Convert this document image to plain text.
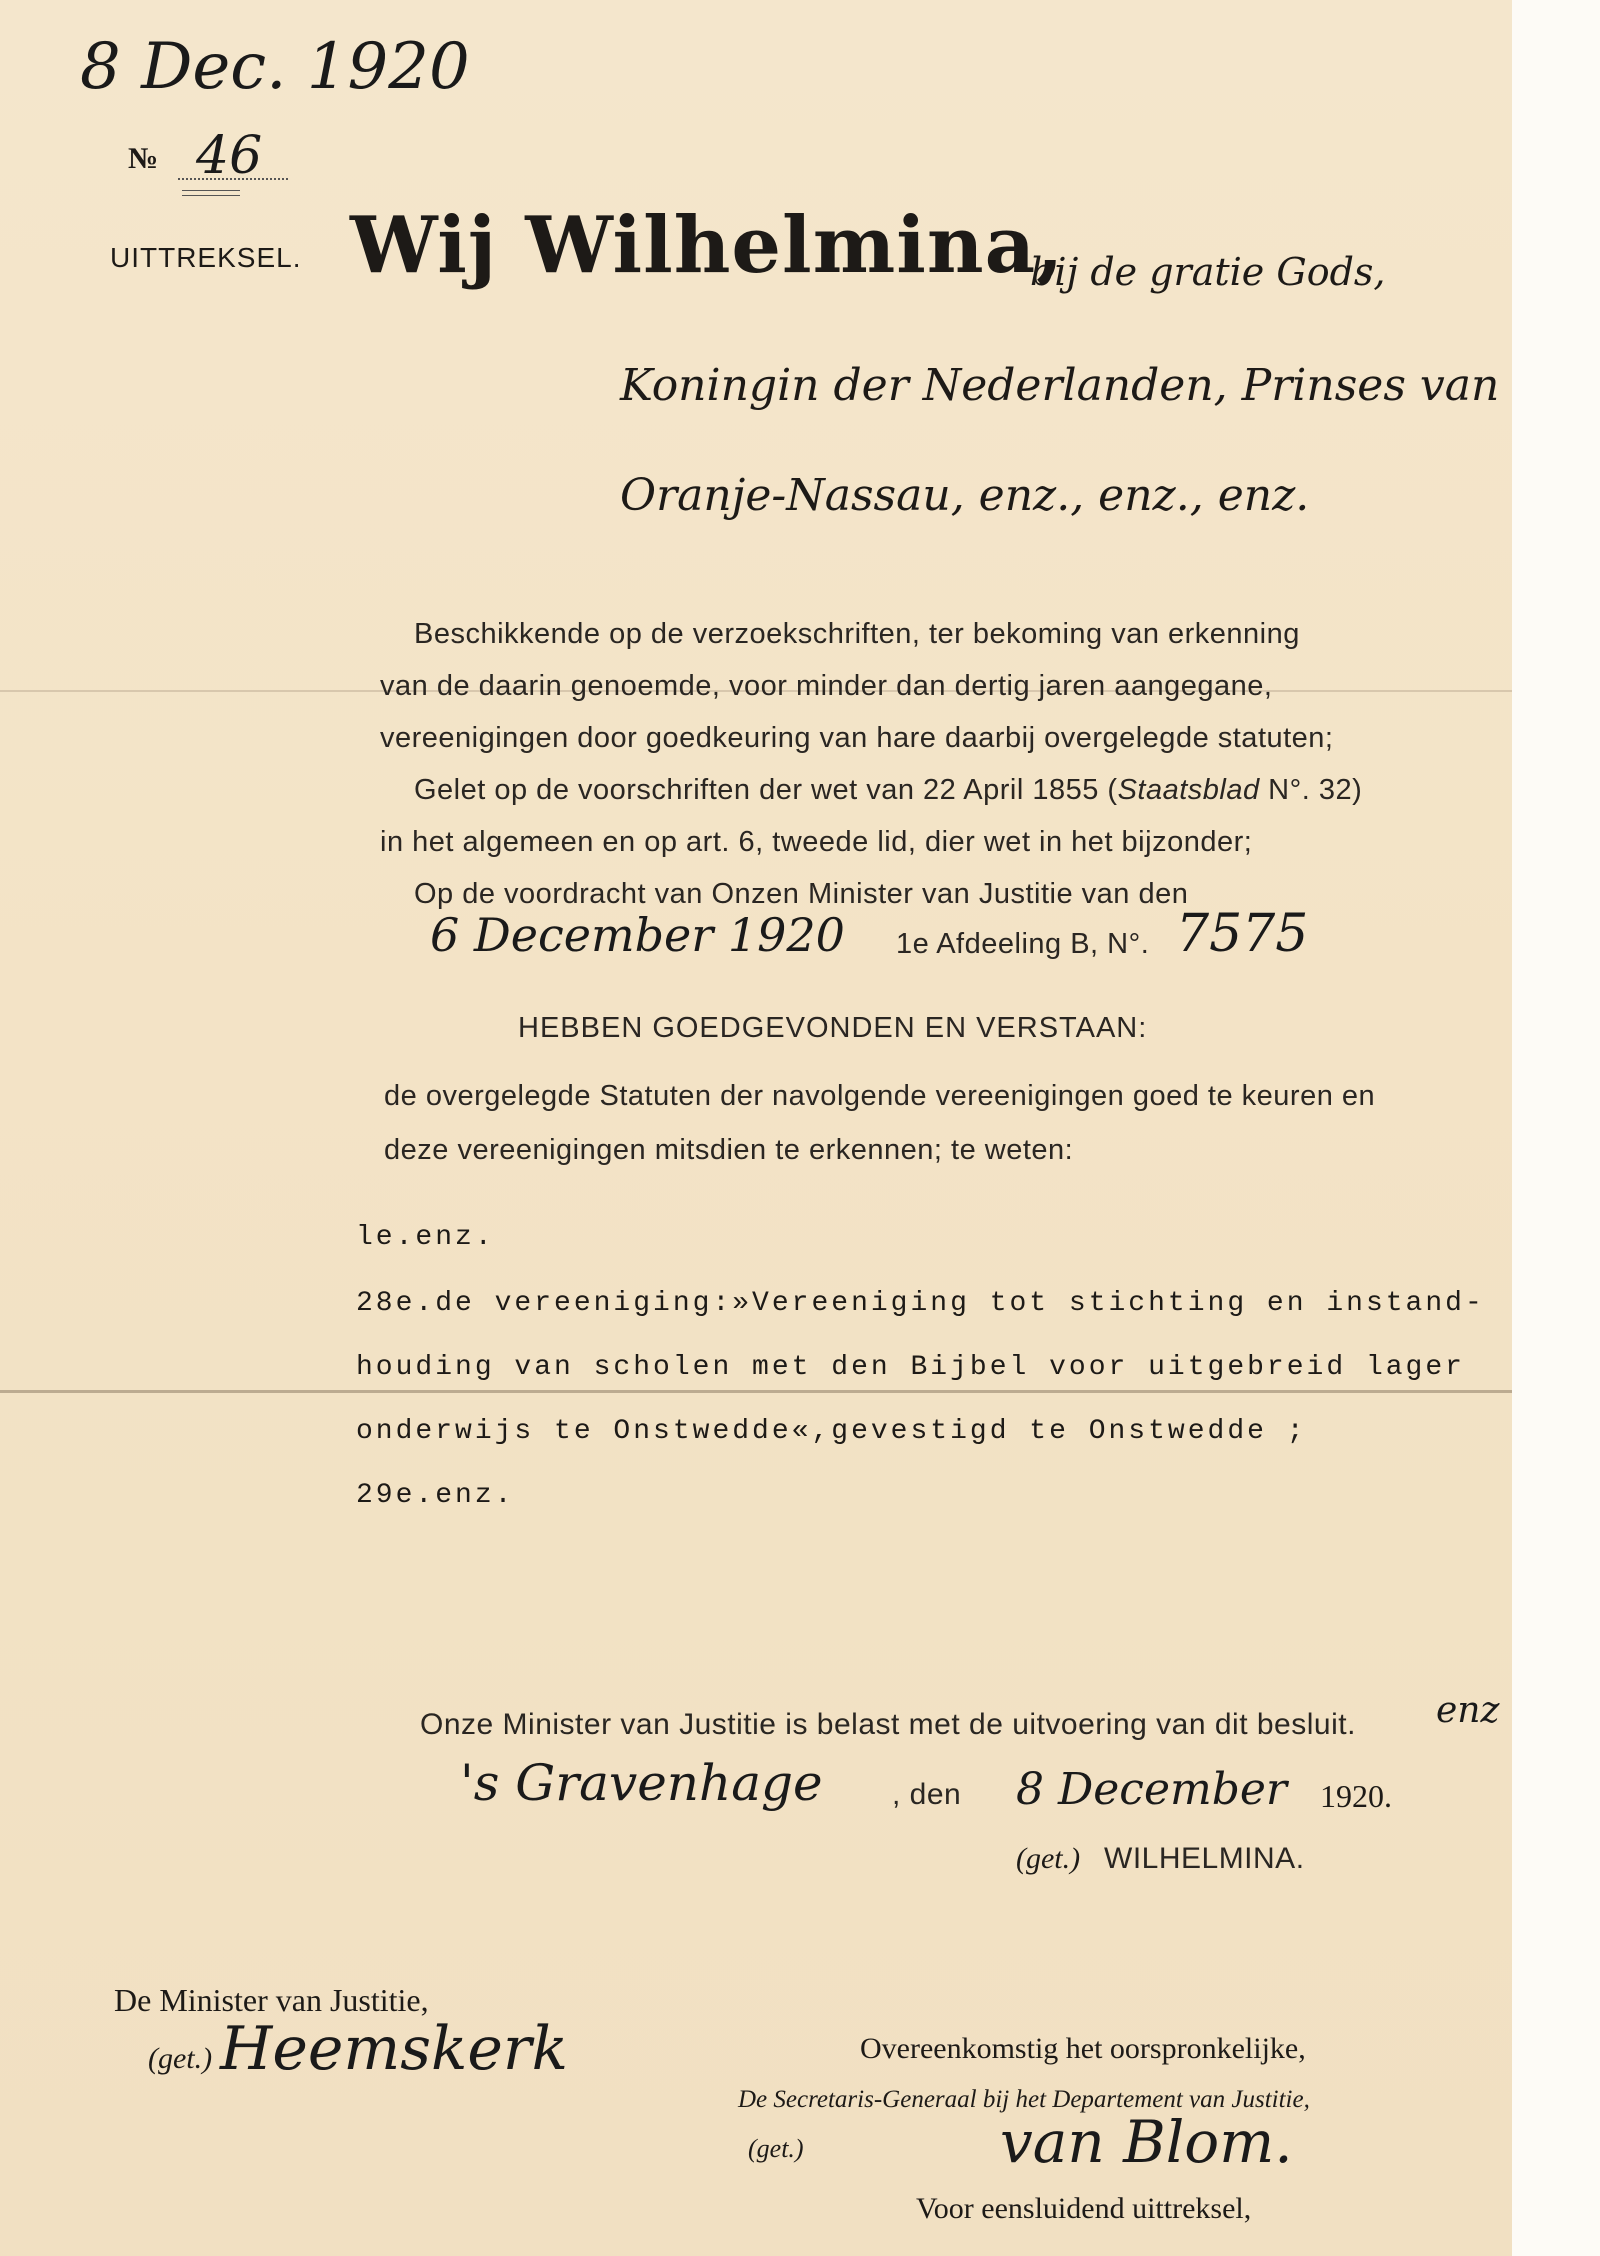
8 Dec. 1920
№ 46
UITTREKSEL. Wij Wilhelmina,
bij de gratie Gods,
Koningin der Nederlanden, Prinses van
Oranje-Nassau, enz., enz., enz.
Beschikkende op de verzoekschriften, ter bekoming van erkenning
van de daarin genoemde, voor minder dan dertig jaren aangegane,
vereenigingen door goedkeuring van hare daarbij overgelegde statuten;
Gelet op de voorschriften der wet van 22 April 1855 (Staatsblad N°. 32)
in het algemeen en op art. 6, tweede lid, dier wet in het bijzonder;
Op de voordracht van Onzen Minister van Justitie van den
6 December 1920 1e Afdeeling B, N°. 7575
HEBBEN GOEDGEVONDEN EN VERSTAAN:
de overgelegde Statuten der navolgende vereenigingen goed te keuren en
deze vereenigingen mitsdien te erkennen; te weten:
le.enz.
28e.de vereeniging:»Vereeniging tot stichting en instand-
houding van scholen met den Bijbel voor uitgebreid lager
onderwijs te Onstwedde«,gevestigd te Onstwedde ;
29e.enz.
Onze Minister van Justitie is belast met de uitvoering van dit besluit. enz
's Gravenhage , den 8 December 1920.
(get.) WILHELMINA.
De Minister van Justitie,
(get.) Heemskerk	Overeenkomstig het oorspronkelijke,
De Secretaris-Generaal bij het Departement van Justitie,
(get.)	van Blom.
Voor eensluidend uittreksel,
